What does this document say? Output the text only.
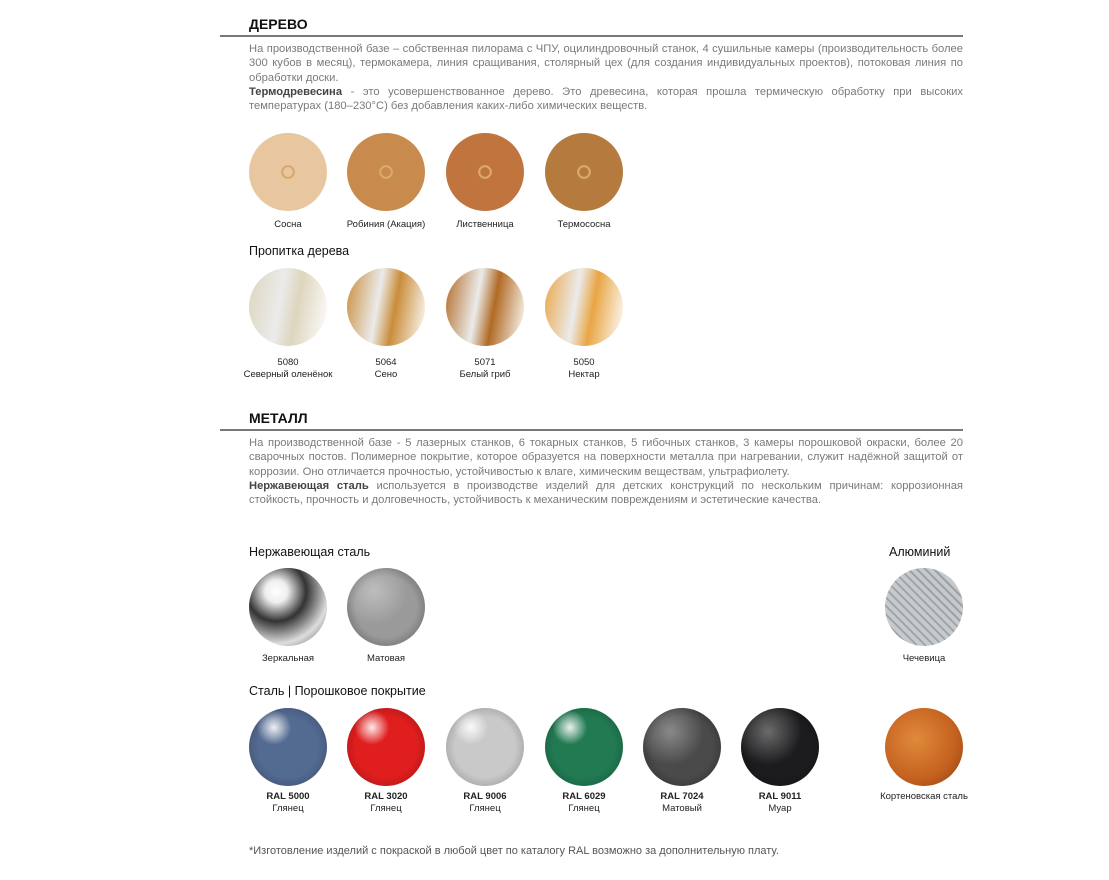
ДЕРЕВО
На производственной базе – собственная пилорама с ЧПУ, оцилиндровочный станок, 4 сушильные камеры (производительность более 300 кубов в месяц), термокамера, линия сращивания, столярный цех (для создания индивидуальных проектов), потоковая линия по обработки доски.
Термодревесина - это усовершенствованное дерево. Это древесина, которая прошла термическую обработку при высоких температурах (180–230°C) без добавления каких-либо химических веществ.
Пропитка дерева
МЕТАЛЛ
На производственной базе - 5 лазерных станков, 6 токарных станков, 5 гибочных станков, 3 камеры порошковой окраски, более 20 сварочных постов. Полимерное покрытие, которое образуется на поверхности металла при нагревании, служит надёжной защитой от коррозии. Оно отличается прочностью, устойчивостью к влаге, химическим веществам, ультрафиолету.
Нержавеющая сталь используется в производстве изделий для детских конструкций по нескольким причинам: коррозионная стойкость, прочность и долговечность, устойчивость к механическим повреждениям и эстетические качества.
Нержавеющая сталь	Алюминий
Сталь | Порошковое покрытие
*Изготовление изделий с покраской в любой цвет по каталогу RAL возможно за дополнительную плату.
Сосна	Робиния (Акация)	Лиственница	Термососна
5080
Северный оленёнок
5064
Сено
5071
Белый гриб
5050
Нектар
Зеркальная	Матовая	Чечевица
RAL 5000
Глянец
RAL 3020
Глянец
RAL 9006
Глянец
RAL 6029
Глянец
RAL 7024
Матовый
RAL 9011
Муар
Кортеновская сталь
